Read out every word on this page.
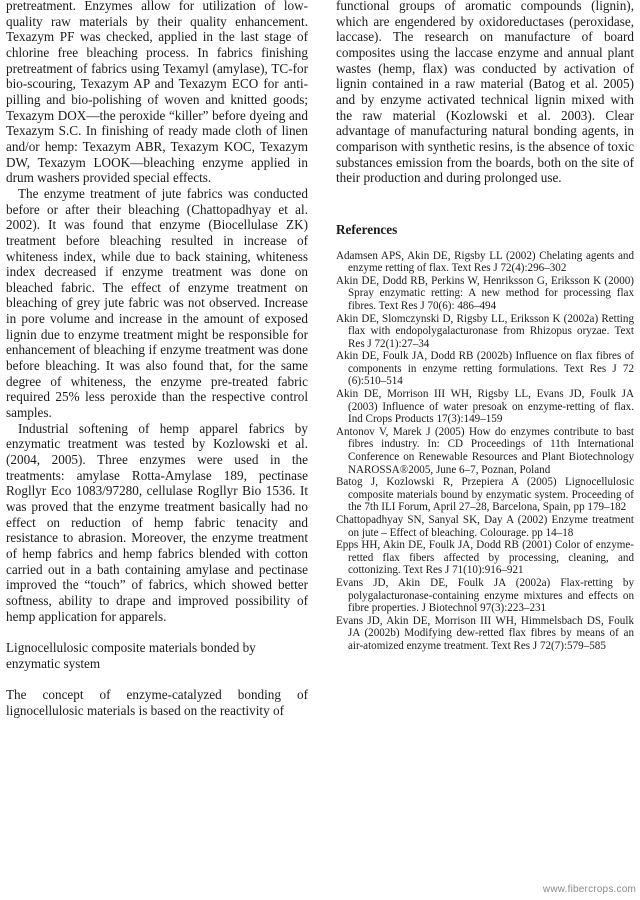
pretreatment. Enzymes allow for utilization of low-quality raw materials by their quality enhancement. Texazym PF was checked, applied in the last stage of chlorine free bleaching process. In fabrics finishing pretreatment of fabrics using Texamyl (amylase), TC-for bio-scouring, Texazym AP and Texazym ECO for anti-pilling and bio-polishing of woven and knitted goods; Texazym DOX—the peroxide “killer” before dyeing and Texazym S.C. In finishing of ready made cloth of linen and/or hemp: Texazym ABR, Texazym KOC, Texazym DW, Texazym LOOK—bleaching enzyme applied in drum washers provided special effects.

The enzyme treatment of jute fabrics was conducted before or after their bleaching (Chattopadhyay et al. 2002). It was found that enzyme (Biocellulase ZK) treatment before bleaching resulted in increase of whiteness index, while due to back staining, whiteness index decreased if enzyme treatment was done on bleached fabric. The effect of enzyme treatment on bleaching of grey jute fabric was not observed. Increase in pore volume and increase in the amount of exposed lignin due to enzyme treatment might be responsible for enhancement of bleaching if enzyme treatment was done before bleaching. It was also found that, for the same degree of whiteness, the enzyme pre-treated fabric required 25% less peroxide than the respective control samples.

Industrial softening of hemp apparel fabrics by enzymatic treatment was tested by Kozlowski et al. (2004, 2005). Three enzymes were used in the treatments: amylase Rotta-Amylase 189, pectinase Rogllyr Eco 1083/97280, cellulase Rogllyr Bio 1536. It was proved that the enzyme treatment basically had no effect on reduction of hemp fabric tenacity and resistance to abrasion. Moreover, the enzyme treatment of hemp fabrics and hemp fabrics blended with cotton carried out in a bath containing amylase and pectinase improved the “touch” of fabrics, which showed better softness, ability to drape and improved possibility of hemp application for apparels.

Lignocellulosic composite materials bonded by enzymatic system

The concept of enzyme-catalyzed bonding of lignocellulosic materials is based on the reactivity of

functional groups of aromatic compounds (lignin), which are engendered by oxidoreductases (peroxidase, laccase). The research on manufacture of board composites using the laccase enzyme and annual plant wastes (hemp, flax) was conducted by activation of lignin contained in a raw material (Batog et al. 2005) and by enzyme activated technical lignin mixed with the raw material (Kozlowski et al. 2003). Clear advantage of manufacturing natural bonding agents, in comparison with synthetic resins, is the absence of toxic substances emission from the boards, both on the site of their production and during prolonged use.

References

Adamsen APS, Akin DE, Rigsby LL (2002) Chelating agents and enzyme retting of flax. Text Res J 72(4):296–302

Akin DE, Dodd RB, Perkins W, Henriksson G, Eriksson K (2000) Spray enzymatic retting: A new method for processing flax fibres. Text Res J 70(6): 486–494

Akin DE, Slomczynski D, Rigsby LL, Eriksson K (2002a) Retting flax with endopolygalacturonase from Rhizopus oryzae. Text Res J 72(1):27–34

Akin DE, Foulk JA, Dodd RB (2002b) Influence on flax fibres of components in enzyme retting formulations. Text Res J 72 (6):510–514

Akin DE, Morrison III WH, Rigsby LL, Evans JD, Foulk JA (2003) Influence of water presoak on enzyme-retting of flax. Ind Crops Products 17(3):149–159

Antonov V, Marek J (2005) How do enzymes contribute to bast fibres industry. In: CD Proceedings of 11th International Conference on Renewable Resources and Plant Biotechnology NAROSSA®2005, June 6–7, Poznan, Poland

Batog J, Kozlowski R, Przepiera A (2005) Lignocellulosic composite materials bound by enzymatic system. Proceeding of the 7th ILI Forum, April 27–28, Barcelona, Spain, pp 179–182

Chattopadhyay SN, Sanyal SK, Day A (2002) Enzyme treatment on jute – Effect of bleaching. Colourage. pp 14–18

Epps HH, Akin DE, Foulk JA, Dodd RB (2001) Color of enzyme-retted flax fibers affected by processing, cleaning, and cottonizing. Text Res J 71(10):916–921

Evans JD, Akin DE, Foulk JA (2002a) Flax-retting by polygalacturonase-containing enzyme mixtures and effects on fibre properties. J Biotechnol 97(3):223–231

Evans JD, Akin DE, Morrison III WH, Himmelsbach DS, Foulk JA (2002b) Modifying dew-retted flax fibres by means of an air-atomized enzyme treatment. Text Res J 72(7):579–585

www.fibercrops.com
